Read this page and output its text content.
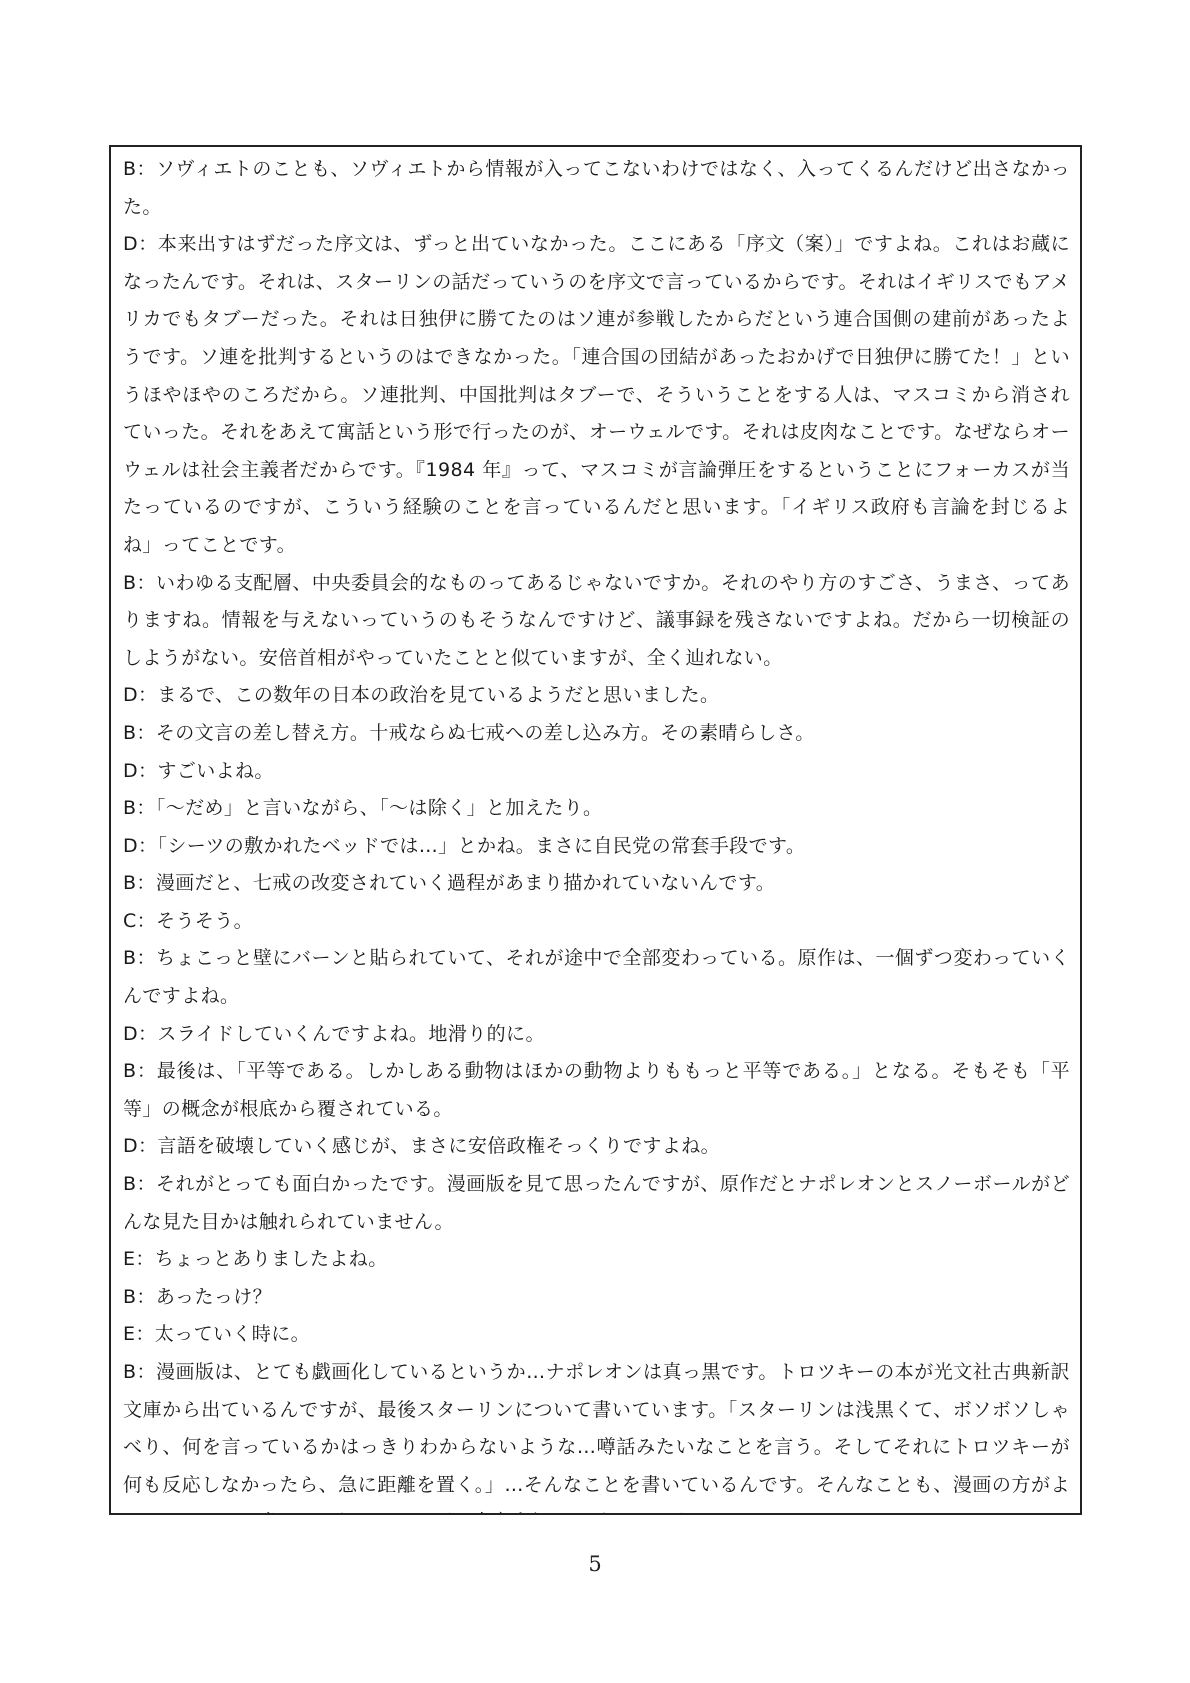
B：ソヴィエトのことも、ソヴィエトから情報が入ってこないわけではなく、入ってくるんだけど出さなかった。

D：本来出すはずだった序文は、ずっと出ていなかった。ここにある「序文（案）」ですよね。これはお蔵になったんです。それは、スターリンの話だっていうのを序文で言っているからです。それはイギリスでもアメリカでもタブーだった。それは日独伊に勝てたのはソ連が参戦したからだという連合国側の建前があったようです。ソ連を批判するというのはできなかった。「連合国の団結があったおかげで日独伊に勝てた！」というほやほやのころだから。ソ連批判、中国批判はタブーで、そういうことをする人は、マスコミから消されていった。それをあえて寓話という形で行ったのが、オーウェルです。それは皮肉なことです。なぜならオーウェルは社会主義者だからです。『1984 年』って、マスコミが言論弾圧をするということにフォーカスが当たっているのですが、こういう経験のことを言っているんだと思います。「イギリス政府も言論を封じるよね」ってことです。

B：いわゆる支配層、中央委員会的なものってあるじゃないですか。それのやり方のすごさ、うまさ、ってありますね。情報を与えないっていうのもそうなんですけど、議事録を残さないですよね。だから一切検証のしようがない。安倍首相がやっていたことと似ていますが、全く辿れない。

D：まるで、この数年の日本の政治を見ているようだと思いました。

B：その文言の差し替え方。十戒ならぬ七戒への差し込み方。その素晴らしさ。

D：すごいよね。

B：「〜だめ」と言いながら、「〜は除く」と加えたり。

D：「シーツの敷かれたベッドでは…」とかね。まさに自民党の常套手段です。

B：漫画だと、七戒の改変されていく過程があまり描かれていないんです。

C：そうそう。

B：ちょこっと壁にバーンと貼られていて、それが途中で全部変わっている。原作は、一個ずつ変わっていくんですよね。

D：スライドしていくんですよね。地滑り的に。

B：最後は、「平等である。しかしある動物はほかの動物よりももっと平等である。」となる。そもそも「平等」の概念が根底から覆されている。

D：言語を破壊していく感じが、まさに安倍政権そっくりですよね。

B：それがとっても面白かったです。漫画版を見て思ったんですが、原作だとナポレオンとスノーボールがどんな見た目かは触れられていません。

E：ちょっとありましたよね。

B：あったっけ？

E：太っていく時に。

B：漫画版は、とても戯画化しているというか…ナポレオンは真っ黒です。トロツキーの本が光文社古典新訳文庫から出ているんですが、最後スターリンについて書いています。「スターリンは浅黒くて、ボソボソしゃべり、何を言っているかはっきりわからないような…噂話みたいなことを言う。そしてそれにトロツキーが何も反応しなかったら、急に距離を置く。」…そんなことを書いているんです。そんなことも、漫画の方がよ

5
